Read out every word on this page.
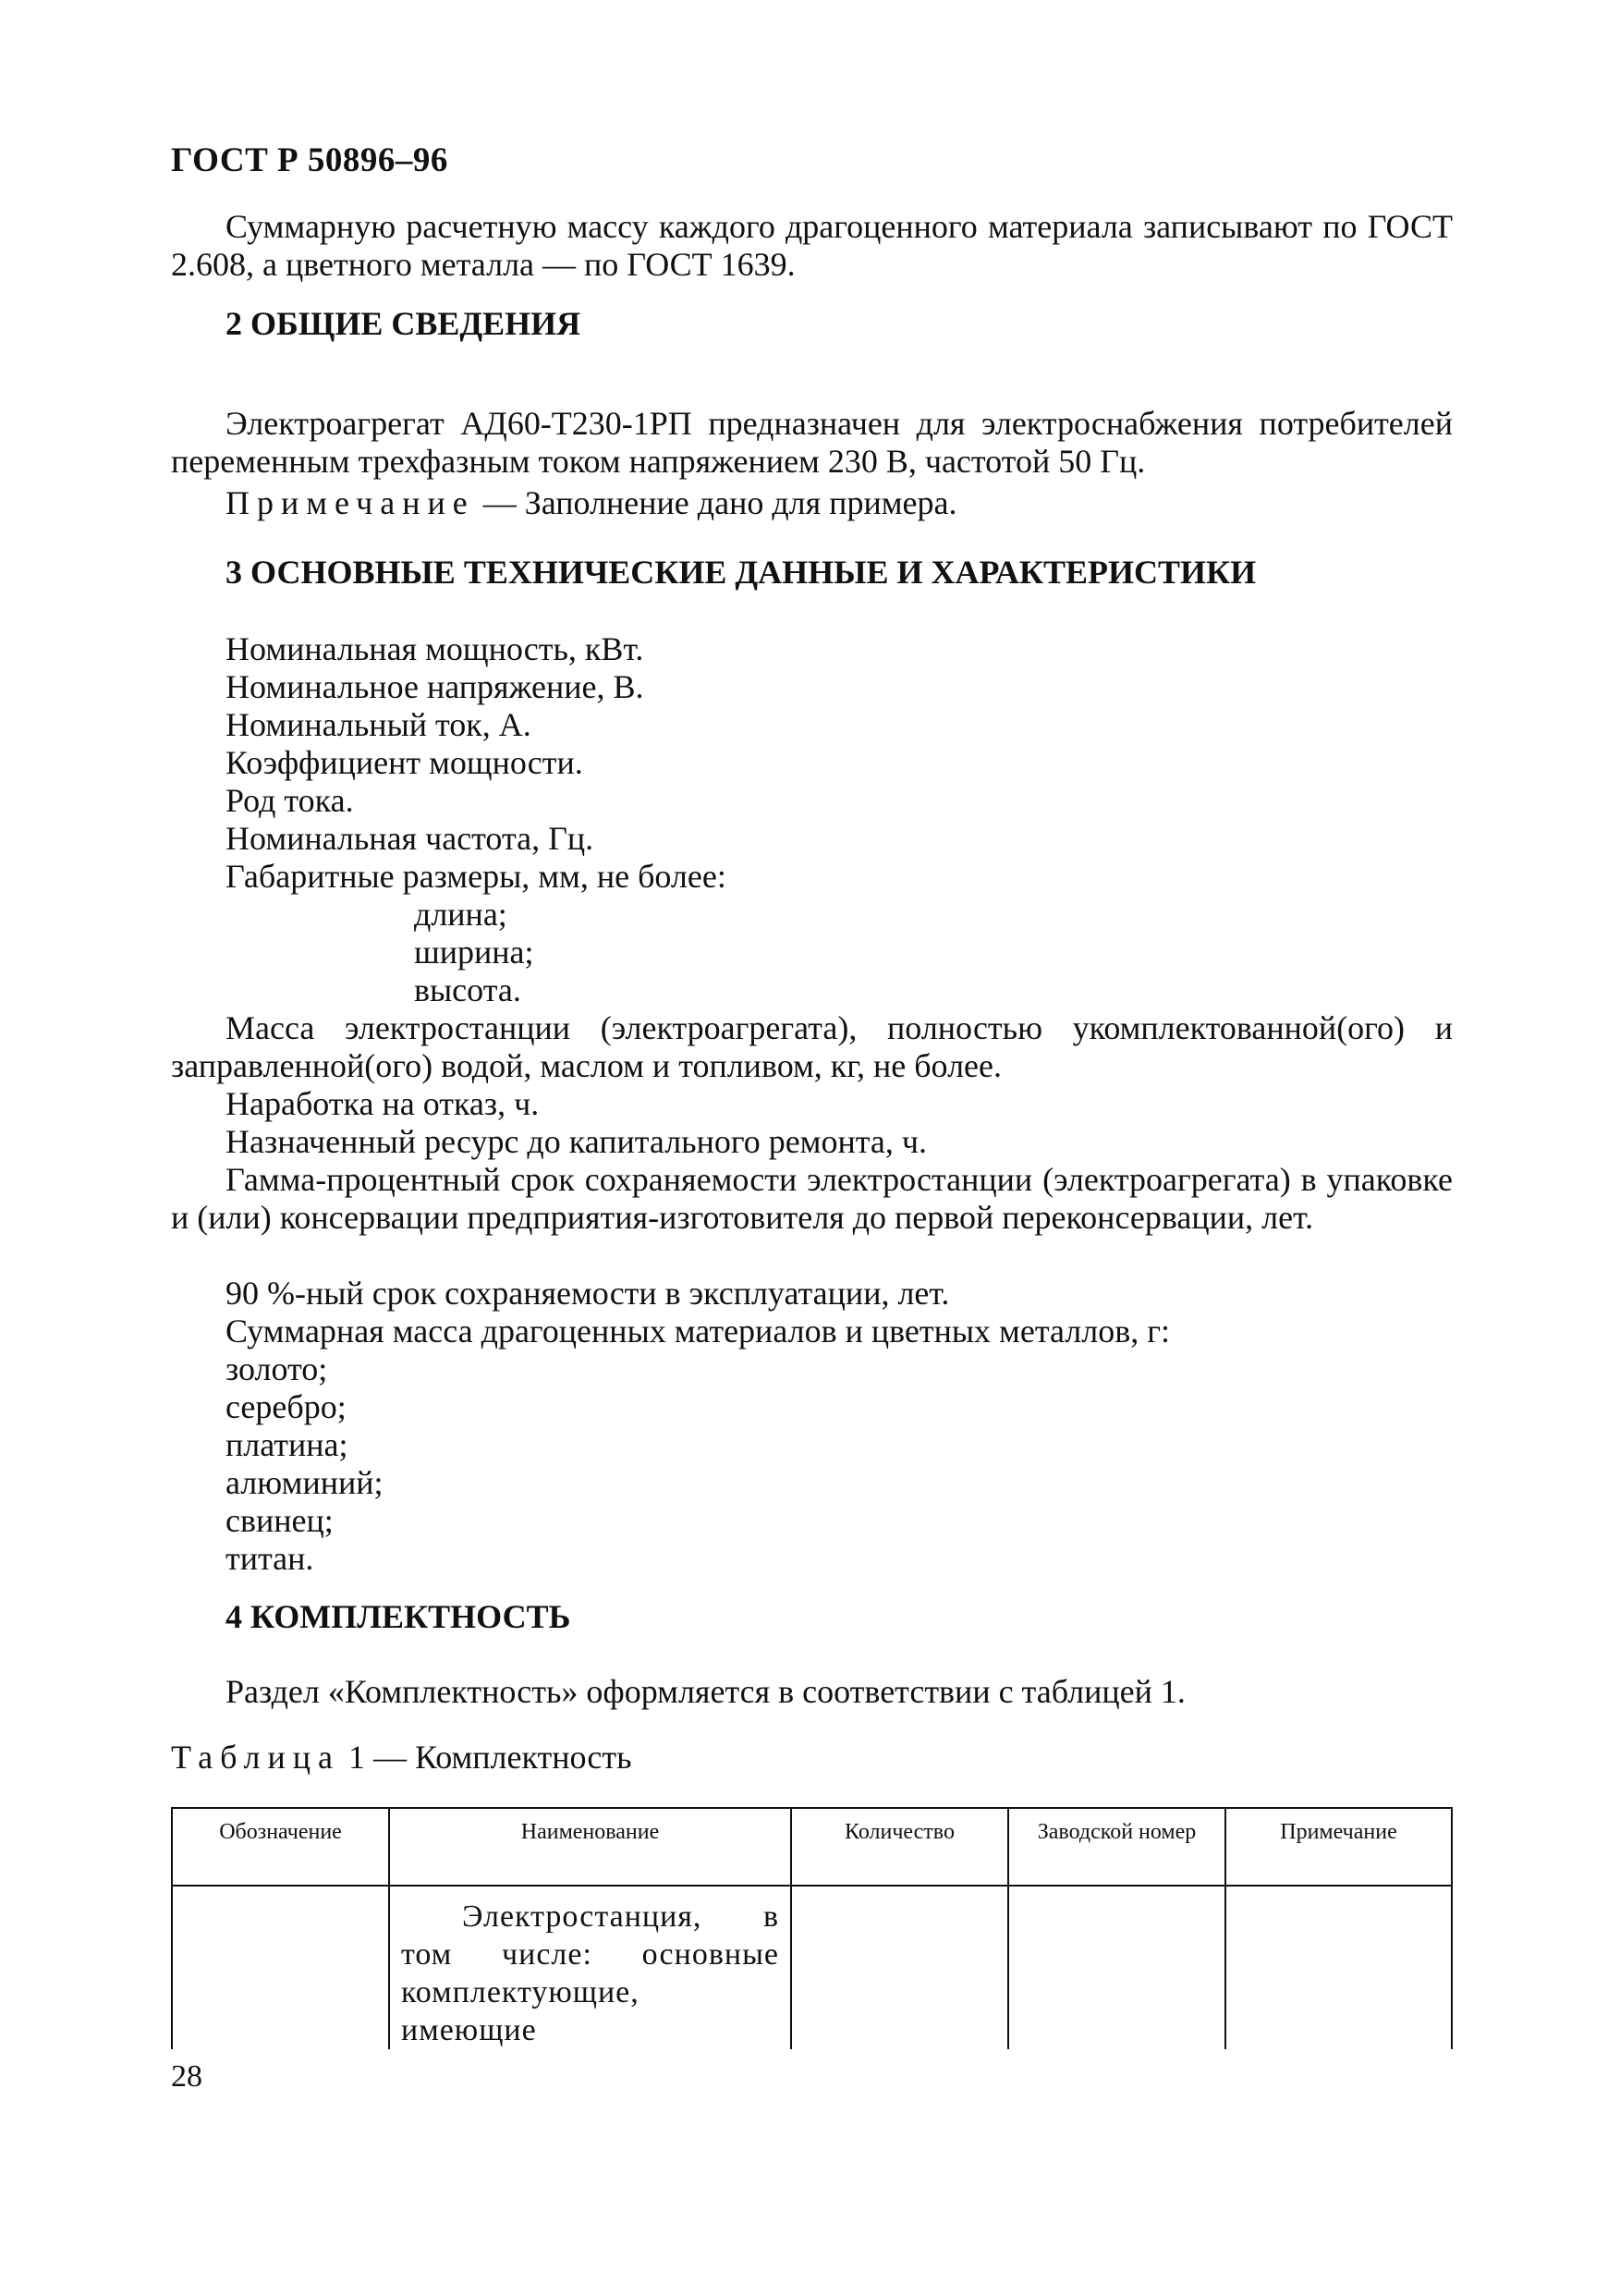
ГОСТ Р 50896–96
Суммарную расчетную массу каждого драгоценного материала записывают по ГОСТ 2.608, а цветного металла — по ГОСТ 1639.
2 ОБЩИЕ СВЕДЕНИЯ
Электроагрегат АД60-Т230-1РП предназначен для электроснабжения потребителей переменным трехфазным током напряжением 230 В, частотой 50 Гц.
Примечание — Заполнение дано для примера.
3 ОСНОВНЫЕ ТЕХНИЧЕСКИЕ ДАННЫЕ И ХАРАКТЕРИСТИКИ
Номинальная мощность, кВт.
Номинальное напряжение, В.
Номинальный ток, А.
Коэффициент мощности.
Род тока.
Номинальная частота, Гц.
Габаритные размеры, мм, не более:
длина;
ширина;
высота.
Масса электростанции (электроагрегата), полностью укомплектованной(ого) и заправленной(ого) водой, маслом и топливом, кг, не более.
Наработка на отказ, ч.
Назначенный ресурс до капитального ремонта, ч.
Гамма-процентный срок сохраняемости электростанции (электроагрегата) в упаковке и (или) консервации предприятия-изготовителя до первой переконсервации, лет.
90 %-ный срок сохраняемости в эксплуатации, лет.
Суммарная масса драгоценных материалов и цветных металлов, г:
золото;
серебро;
платина;
алюминий;
свинец;
титан.
4 КОМПЛЕКТНОСТЬ
Раздел «Комплектность» оформляется в соответствии с таблицей 1.
Таблица 1 — Комплектность
Обозначение	Наименование	Количество	Заводской номер	Примечание

	Электростанция, в том числе: основные комплектующие, имеющие			

28
